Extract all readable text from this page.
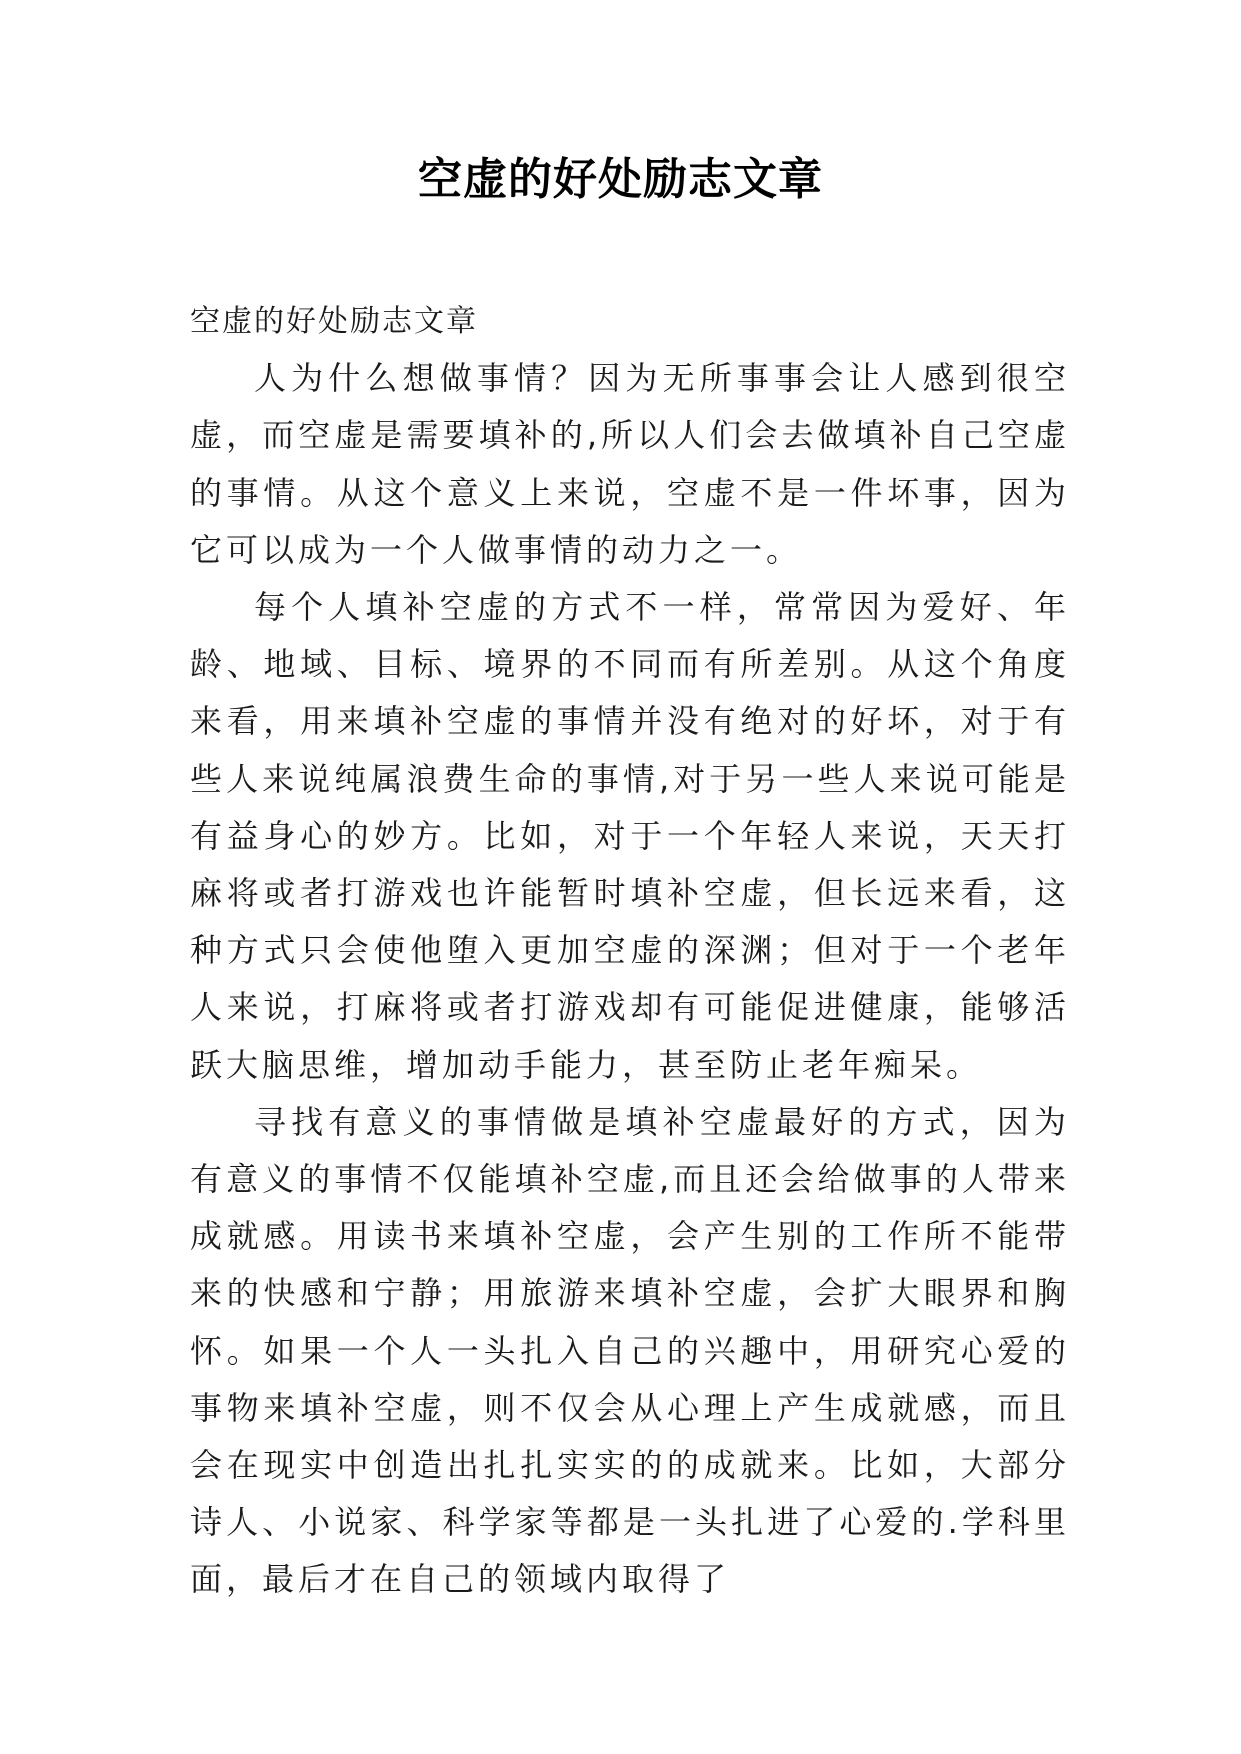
空虚的好处励志文章

空虚的好处励志文章

人为什么想做事情？因为无所事事会让人感到很空虚，而空虚是需要填补的,所以人们会去做填补自己空虚的事情。从这个意义上来说，空虚不是一件坏事，因为它可以成为一个人做事情的动力之一。

每个人填补空虚的方式不一样，常常因为爱好、年龄、地域、目标、境界的不同而有所差别。从这个角度来看，用来填补空虚的事情并没有绝对的好坏，对于有些人来说纯属浪费生命的事情,对于另一些人来说可能是有益身心的妙方。比如，对于一个年轻人来说，天天打麻将或者打游戏也许能暂时填补空虚，但长远来看，这种方式只会使他堕入更加空虚的深渊；但对于一个老年人来说，打麻将或者打游戏却有可能促进健康，能够活跃大脑思维，增加动手能力，甚至防止老年痴呆。

寻找有意义的事情做是填补空虚最好的方式，因为有意义的事情不仅能填补空虚,而且还会给做事的人带来成就感。用读书来填补空虚，会产生别的工作所不能带来的快感和宁静；用旅游来填补空虚，会扩大眼界和胸怀。如果一个人一头扎入自己的兴趣中，用研究心爱的事物来填补空虚，则不仅会从心理上产生成就感，而且会在现实中创造出扎扎实实的的成就来。比如，大部分诗人、小说家、科学家等都是一头扎进了心爱的.学科里面，最后才在自己的领域内取得了
